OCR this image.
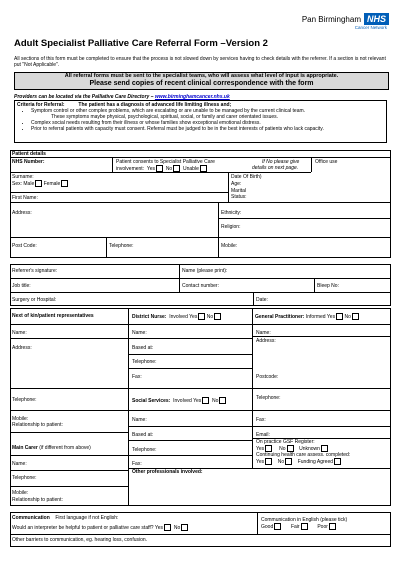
Pan Birmingham NHS
Cancer Network
Adult Specialist Palliative Care Referral Form –Version 2
All sections of this form must be completed to ensure that the process is not slowed down by services having to check details with the referrer. If a section is not relevant put "Not Applicable".
All referral forms must be sent to the specialist teams, who will assess what level of input is appropriate.
Please send copies of recent clinical correspondence with the form
Providers can be located via the Palliative Care Directory – www.birminghamcancer.nhs.uk
Criteria for Referral:	The patient has a diagnosis of advanced life limiting illness and;
• Symptom control or other complex problems, which are escalating or are unable to be managed by the current clinical team.
These symptoms maybe physical, psychological, spiritual, social, or family and carer orientated issues.
• Complex social needs resulting from their illness or whose families show exceptional emotional distress.
• Prior to referral patients with capacity must consent. Referral must be judged to be in the best interests of patients who lack capacity.
Patient details
NHS Number:	Patient consents to Specialist Palliative Care
involvement: Yes No Unable
If No please give
details on next page.
Office use
Surname:
Sex: Male Female
Date Of Birth)
Age:
Marital
Status:
First Name:
Address:	Ethnicity:
Religion:
Post Code:	Telephone:	Mobile:
Referrer's signature:	Name (please print):
Job title:	Contact number:	Bleep No:
Surgery or Hospital:	Date:
Next of kin/patient representatives
Name:
Address:
Telephone:
Mobile:
Relationship to patient:
Main Carer (if different from above)
Name:
Telephone:
Mobile:
Relationship to patient:
District Nurse: Involved Yes No
Name:
Based at:
Telephone:
Fax:
Social Services: Involved Yes No
Name:
Based at:
Telephone:
Fax:
Other professionals involved:
General Practitioner: Informed Yes No
Name:
Address:
Postcode:
Telephone:
Fax:
Email:
On practice GSF Register:
Yes	No	Unknown
Continuing health care assess. completed:
Yes	No	Funding Agreed
Communication First language if not English:
Would an interpreter be helpful to patient or palliative care staff? Yes No
Communication in English (please tick)
Good	Fair	Poor
Other barriers to communication, eg. hearing loss, confusion.
